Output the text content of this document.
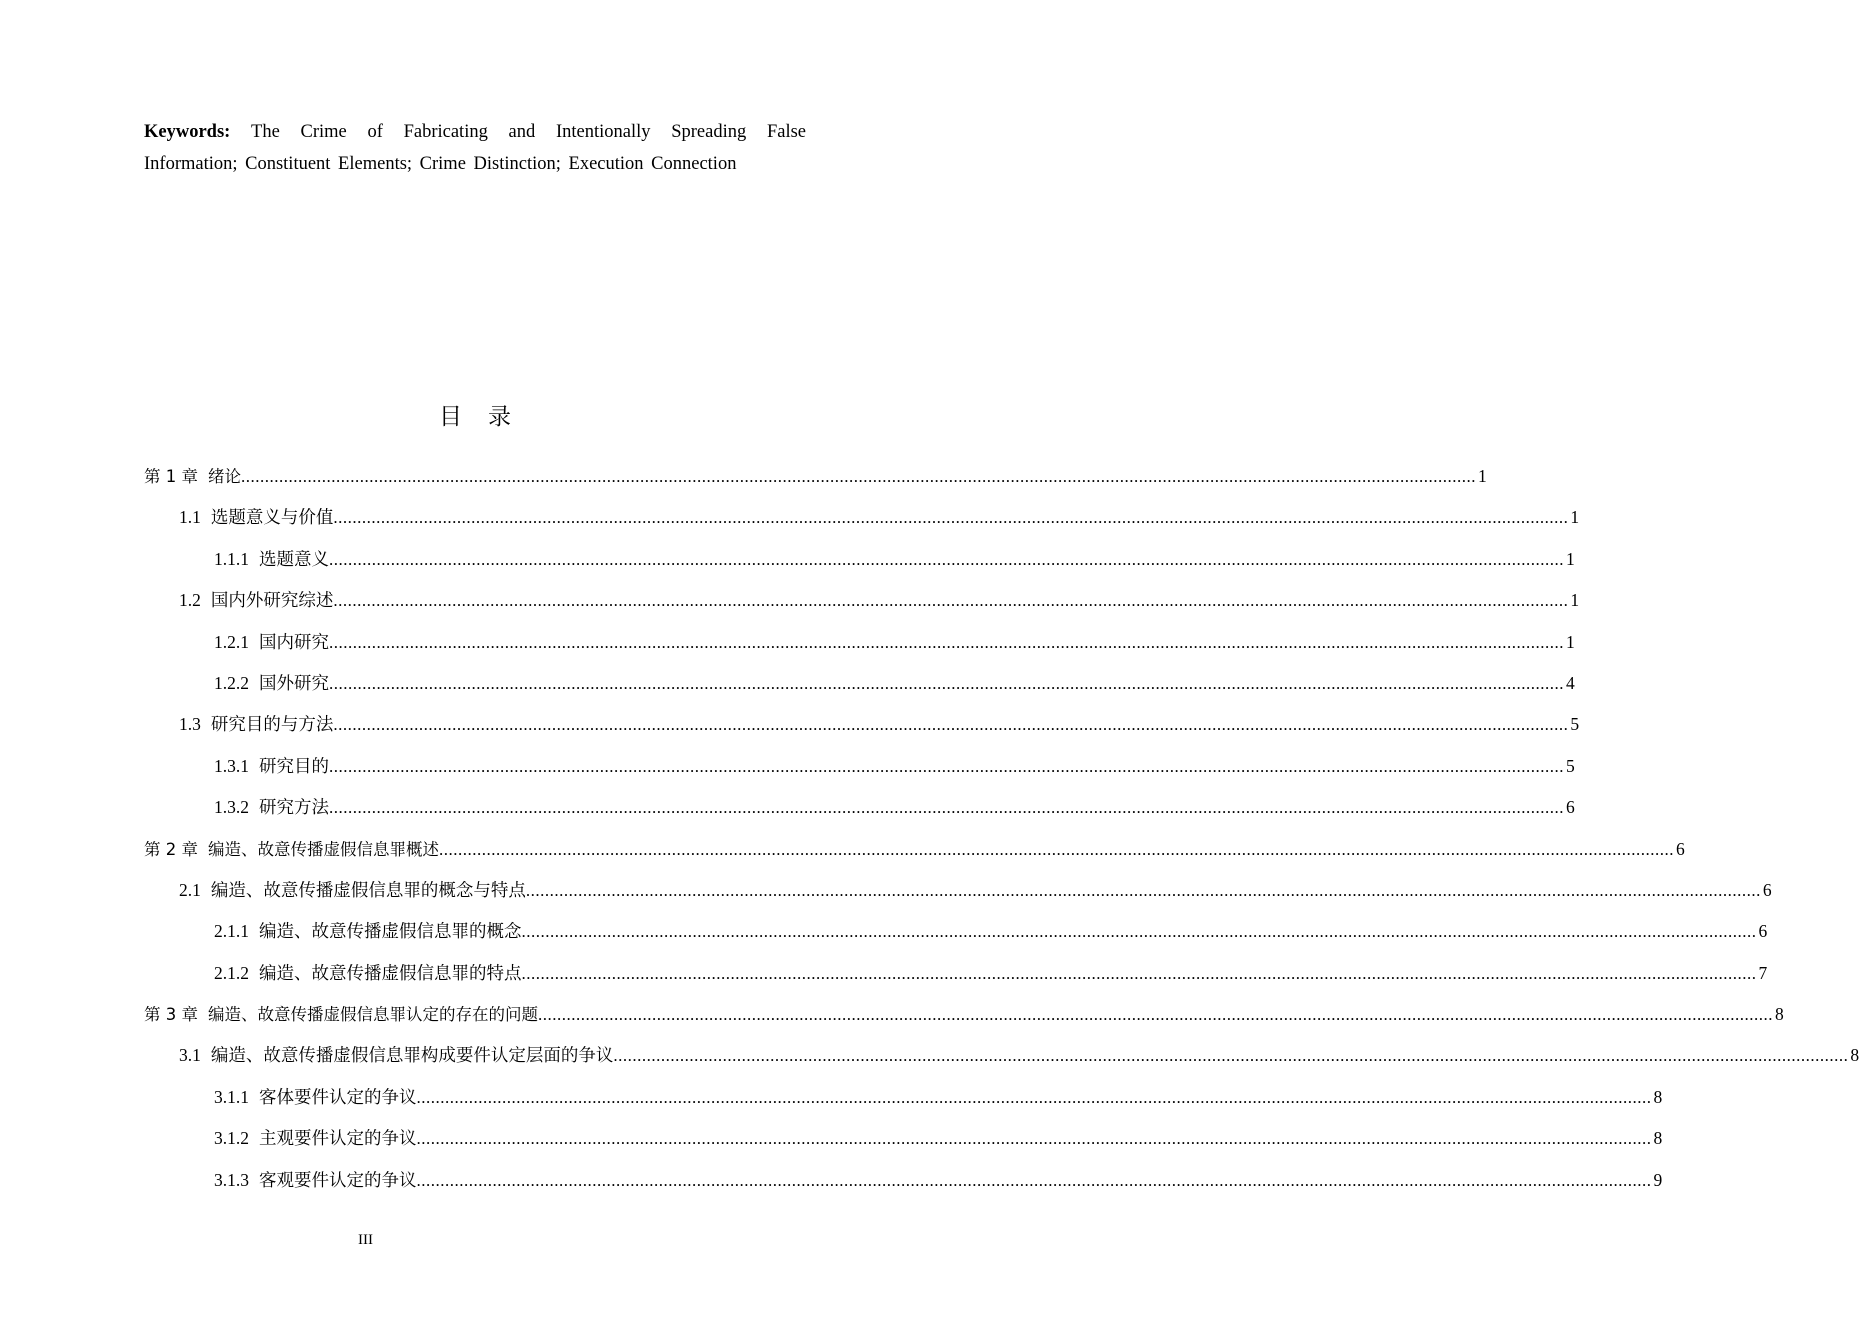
Keywords: The Crime of Fabricating and Intentionally Spreading False
Information; Constituent Elements; Crime Distinction; Execution Connection
目录
第 1 章 绪论 .................................................................................................................................................................................................................................................................... 1
1.1 选题意义与价值 .................................................................................................................................................................................................................................................................... 1
1.1.1 选题意义 .................................................................................................................................................................................................................................................................... 1
1.2 国内外研究综述 .................................................................................................................................................................................................................................................................... 1
1.2.1 国内研究 .................................................................................................................................................................................................................................................................... 1
1.2.2 国外研究 .................................................................................................................................................................................................................................................................... 4
1.3 研究目的与方法 .................................................................................................................................................................................................................................................................... 5
1.3.1 研究目的 .................................................................................................................................................................................................................................................................... 5
1.3.2 研究方法 .................................................................................................................................................................................................................................................................... 6
第 2 章 编造、故意传播虚假信息罪概述 .................................................................................................................................................................................................................................................................... 6
2.1 编造、故意传播虚假信息罪的概念与特点 .................................................................................................................................................................................................................................................................... 6
2.1.1 编造、故意传播虚假信息罪的概念 .................................................................................................................................................................................................................................................................... 6
2.1.2 编造、故意传播虚假信息罪的特点 .................................................................................................................................................................................................................................................................... 7
第 3 章 编造、故意传播虚假信息罪认定的存在的问题 .................................................................................................................................................................................................................................................................... 8
3.1 编造、故意传播虚假信息罪构成要件认定层面的争议 .................................................................................................................................................................................................................................................................... 8
3.1.1 客体要件认定的争议 .................................................................................................................................................................................................................................................................... 8
3.1.2 主观要件认定的争议 .................................................................................................................................................................................................................................................................... 8
3.1.3 客观要件认定的争议 .................................................................................................................................................................................................................................................................... 9
III
